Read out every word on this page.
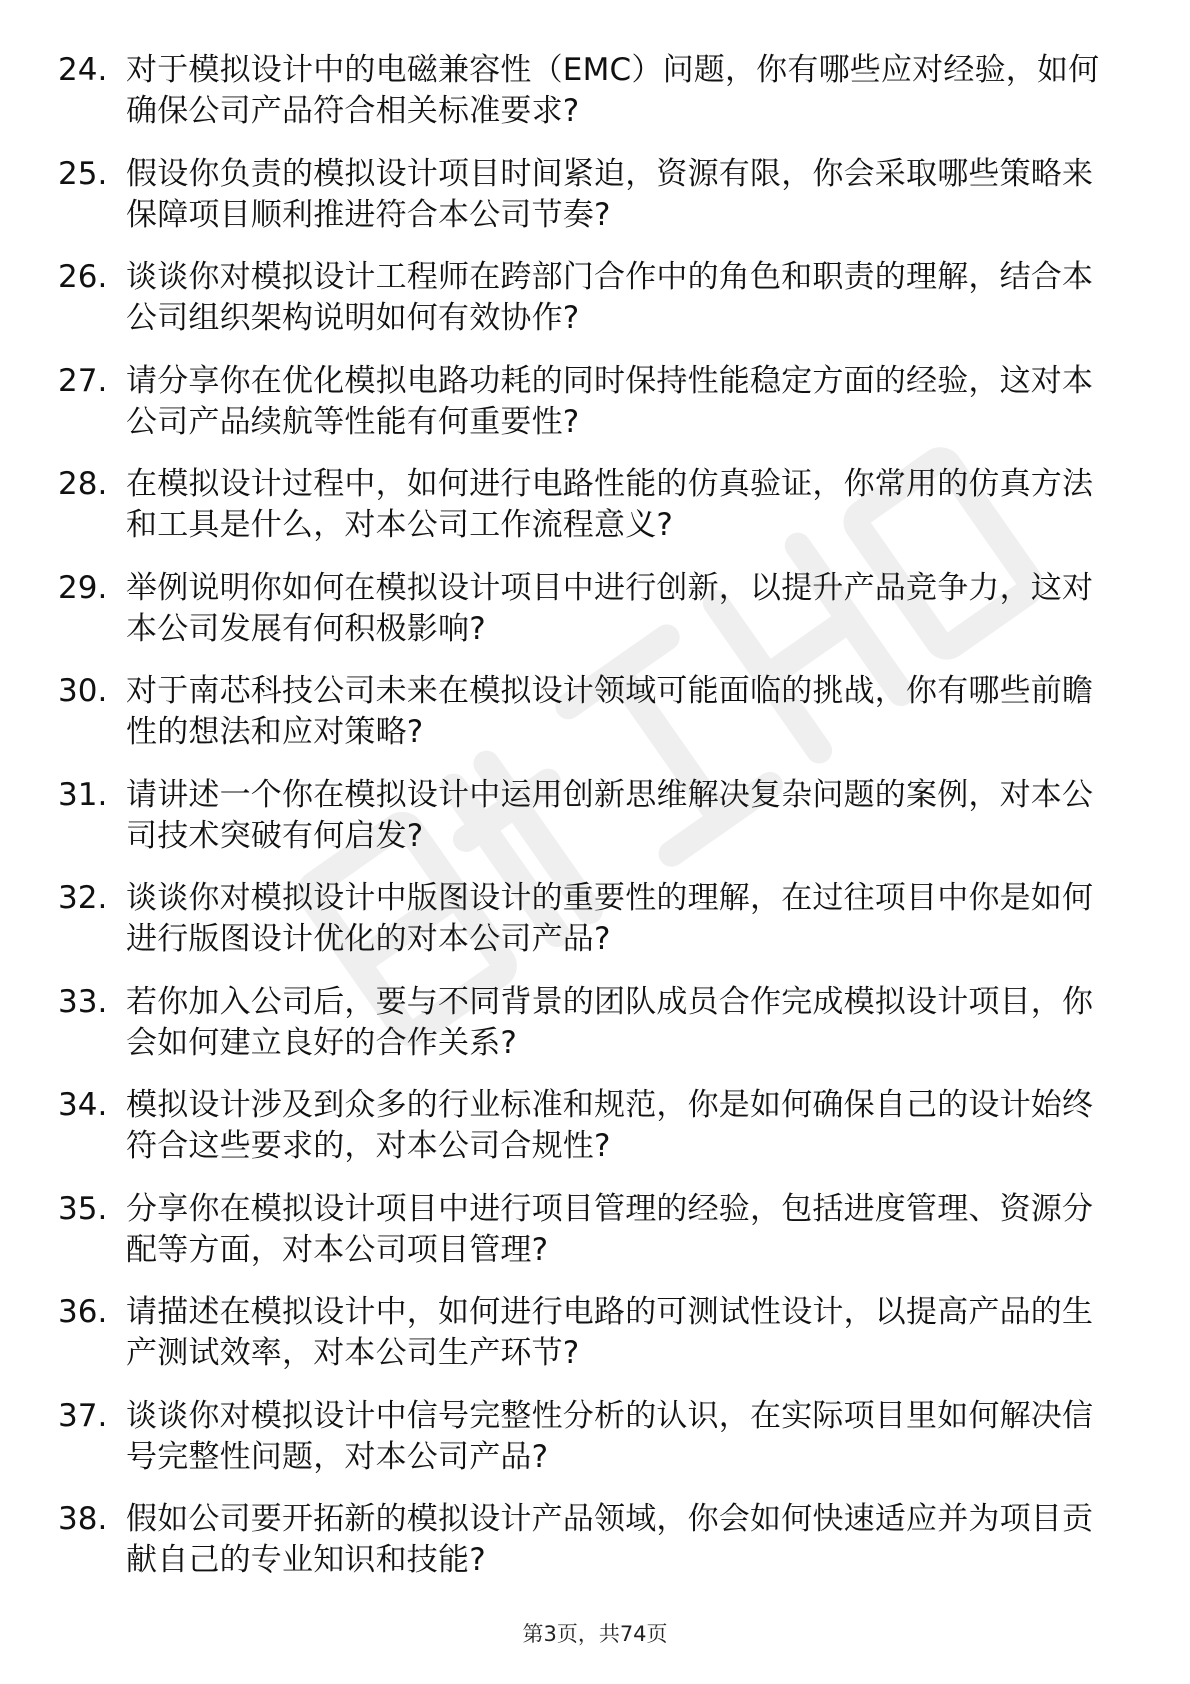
24. 对于模拟设计中的电磁兼容性（EMC）问题，你有哪些应对经验，如何确保公司产品符合相关标准要求?
25. 假设你负责的模拟设计项目时间紧迫，资源有限，你会采取哪些策略来保障项目顺利推进符合本公司节奏?
26. 谈谈你对模拟设计工程师在跨部门合作中的角色和职责的理解，结合本公司组织架构说明如何有效协作?
27. 请分享你在优化模拟电路功耗的同时保持性能稳定方面的经验，这对本公司产品续航等性能有何重要性?
28. 在模拟设计过程中，如何进行电路性能的仿真验证，你常用的仿真方法和工具是什么，对本公司工作流程意义?
29. 举例说明你如何在模拟设计项目中进行创新，以提升产品竞争力，这对本公司发展有何积极影响?
30. 对于南芯科技公司未来在模拟设计领域可能面临的挑战，你有哪些前瞻性的想法和应对策略?
31. 请讲述一个你在模拟设计中运用创新思维解决复杂问题的案例，对本公司技术突破有何启发?
32. 谈谈你对模拟设计中版图设计的重要性的理解，在过往项目中你是如何进行版图设计优化的对本公司产品?
33. 若你加入公司后，要与不同背景的团队成员合作完成模拟设计项目，你会如何建立良好的合作关系?
34. 模拟设计涉及到众多的行业标准和规范，你是如何确保自己的设计始终符合这些要求的，对本公司合规性?
35. 分享你在模拟设计项目中进行项目管理的经验，包括进度管理、资源分配等方面，对本公司项目管理?
36. 请描述在模拟设计中，如何进行电路的可测试性设计，以提高产品的生产测试效率，对本公司生产环节?
37. 谈谈你对模拟设计中信号完整性分析的认识，在实际项目里如何解决信号完整性问题，对本公司产品?
38. 假如公司要开拓新的模拟设计产品领域，你会如何快速适应并为项目贡献自己的专业知识和技能?
第3页，共74页
